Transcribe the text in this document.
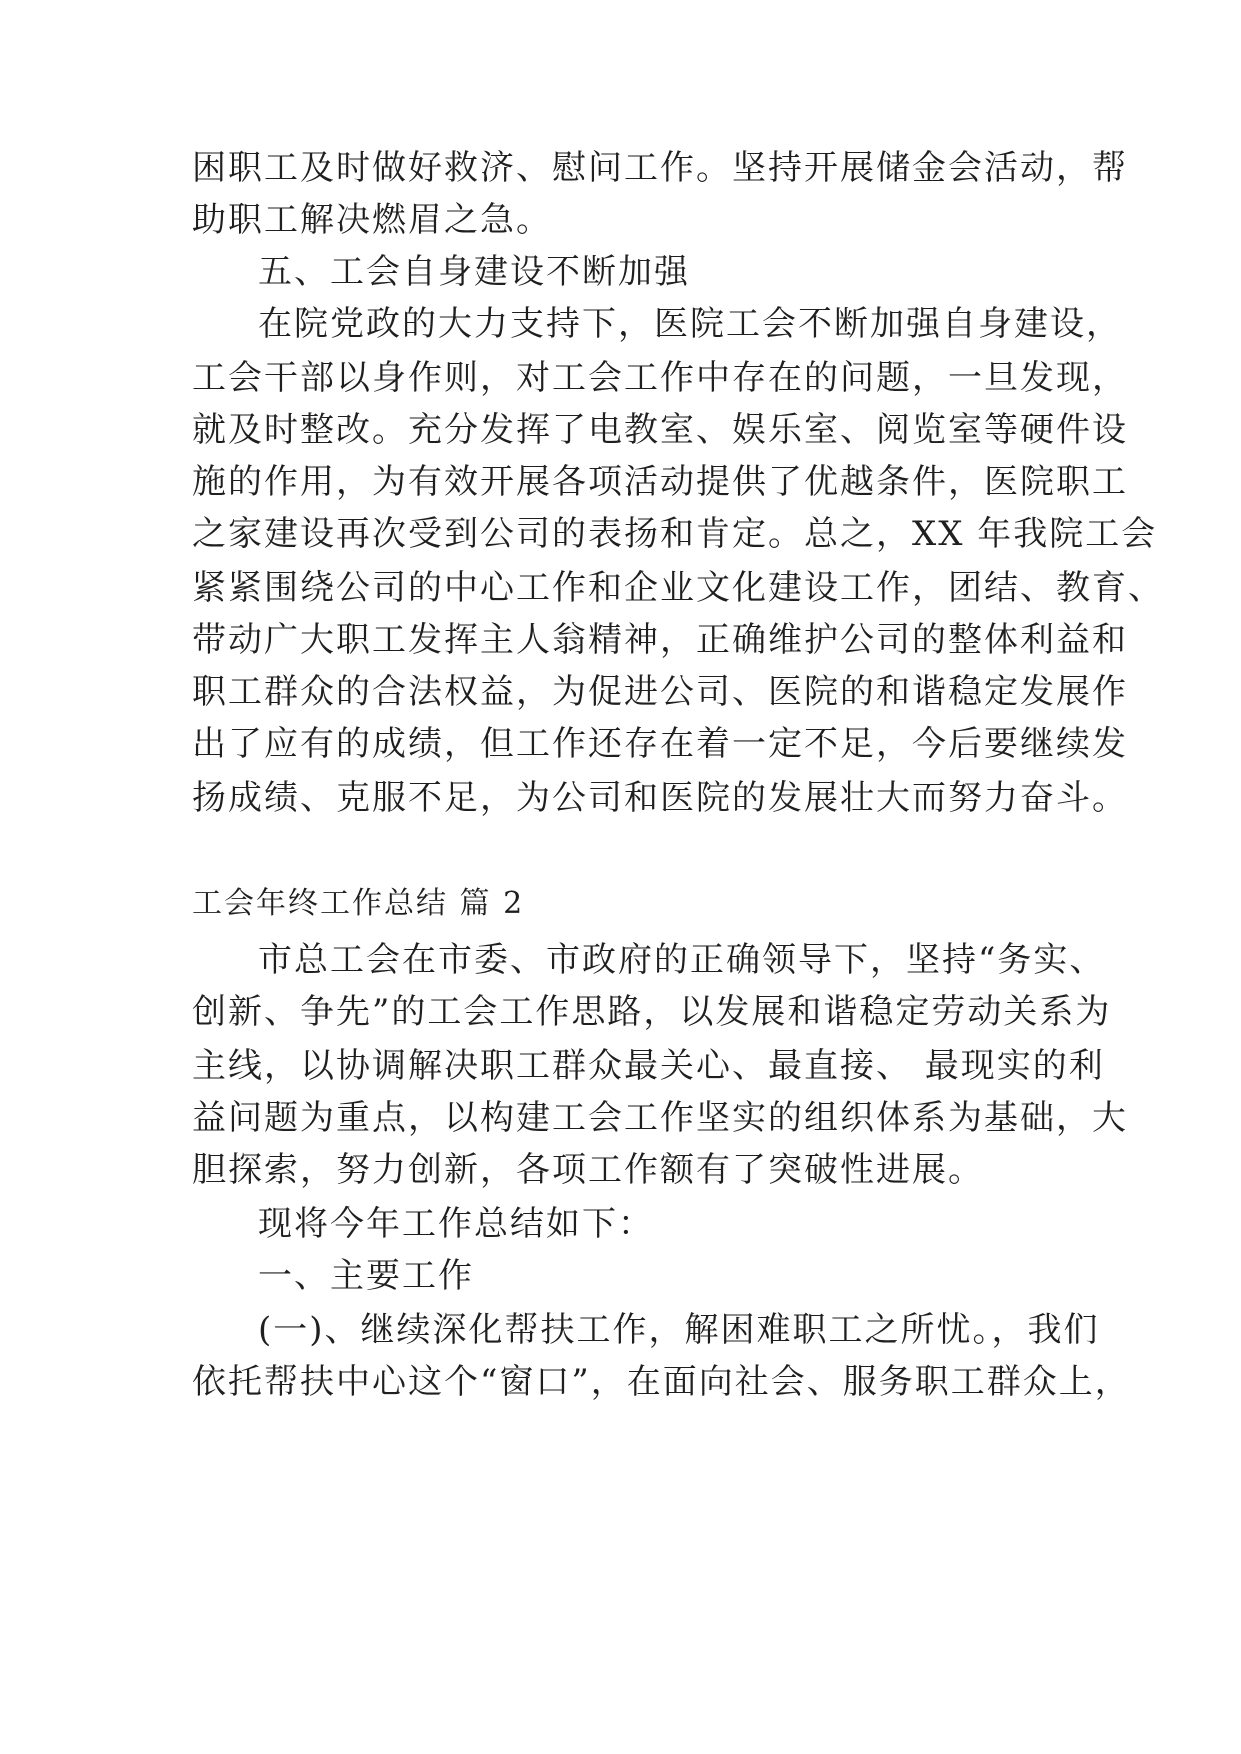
困职工及时做好救济、慰问工作。坚持开展储金会活动，帮
助职工解决燃眉之急。
五、工会自身建设不断加强
在院党政的大力支持下，医院工会不断加强自身建设，
工会干部以身作则，对工会工作中存在的问题，一旦发现，
就及时整改。充分发挥了电教室、娱乐室、阅览室等硬件设
施的作用，为有效开展各项活动提供了优越条件，医院职工
之家建设再次受到公司的表扬和肯定。总之，XX 年我院工会
紧紧围绕公司的中心工作和企业文化建设工作，团结、教育、
带动广大职工发挥主人翁精神，正确维护公司的整体利益和
职工群众的合法权益，为促进公司、医院的和谐稳定发展作
出了应有的成绩，但工作还存在着一定不足，今后要继续发
扬成绩、克服不足，为公司和医院的发展壮大而努力奋斗。
工会年终工作总结 篇 2
市总工会在市委、市政府的正确领导下，坚持“务实、
创新、争先”的工会工作思路，以发展和谐稳定劳动关系为
主线，以协调解决职工群众最关心、最直接、 最现实的利
益问题为重点，以构建工会工作坚实的组织体系为基础，大
胆探索，努力创新，各项工作额有了突破性进展。
现将今年工作总结如下：
一、主要工作
(一)、继续深化帮扶工作，解困难职工之所忧。，我们
依托帮扶中心这个“窗口”，在面向社会、服务职工群众上，
